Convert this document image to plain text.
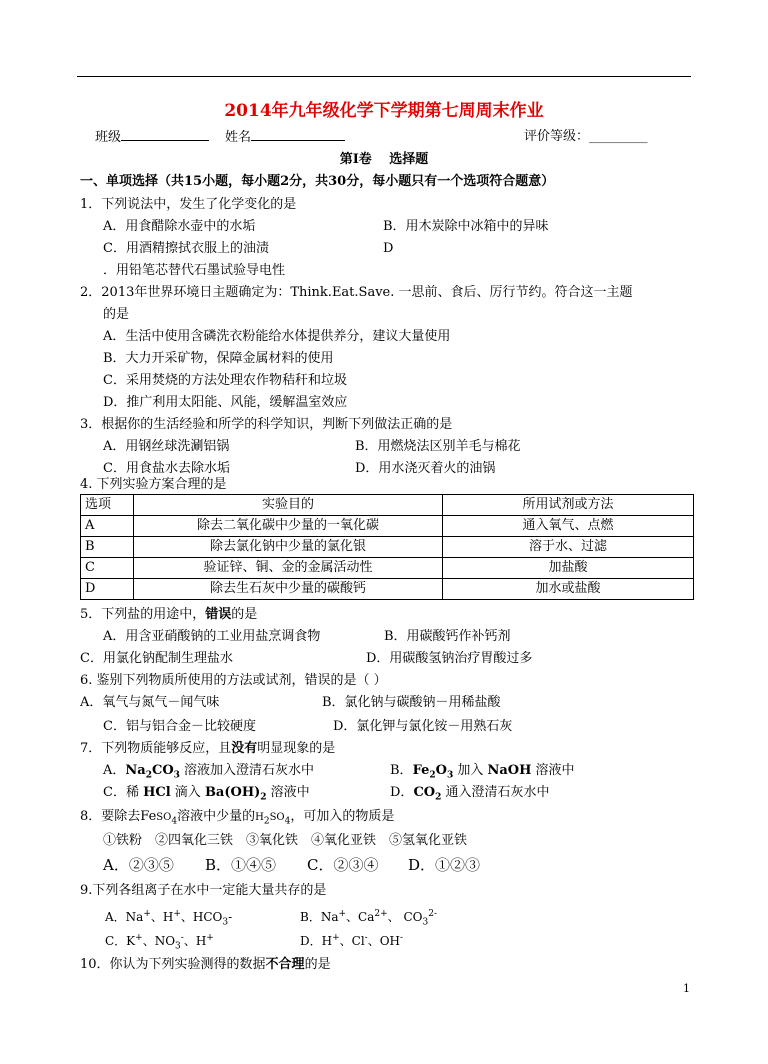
2014年九年级化学下学期第七周周末作业
班级	姓名	评价等级：_________
第Ⅰ卷　 选择题
一、单项选择（共15小题，每小题2分，共30分，每小题只有一个选项符合题意）
1．下列说法中，发生了化学变化的是
A．用食醋除水壶中的水垢	B．用木炭除中冰箱中的异味
C．用酒精擦拭衣服上的油渍	D
．用铅笔芯替代石墨试验导电性
2．2013年世界环境日主题确定为：Think.Eat.Save. 一思前、食后、厉行节约。符合这一主题
的是
A．生活中使用含磷洗衣粉能给水体提供养分，建议大量使用
B．大力开采矿物，保障金属材料的使用
C．采用焚烧的方法处理农作物秸秆和垃圾
D．推广利用太阳能、风能，缓解温室效应
3．根据你的生活经验和所学的科学知识，判断下列做法正确的是
A．用钢丝球洗涮铝锅	B．用燃烧法区别羊毛与棉花
C．用食盐水去除水垢	D．用水浇灭着火的油锅
4. 下列实验方案合理的是
选项	实验目的	所用试剂或方法
A	除去二氧化碳中少量的一氧化碳	通入氧气、点燃
B	除去氯化钠中少量的氯化银	溶于水、过滤
C	验证锌、铜、金的金属活动性	加盐酸
D	除去生石灰中少量的碳酸钙	加水或盐酸
5．下列盐的用途中，错误的是
A．用含亚硝酸钠的工业用盐烹调食物	B．用碳酸钙作补钙剂
C．用氯化钠配制生理盐水	D．用碳酸氢钠治疗胃酸过多
6. 鉴别下列物质所使用的方法或试剂，错误的是（ ）
A．氧气与氮气－闻气味	B．氯化钠与碳酸钠－用稀盐酸
C．铝与铝合金－比较硬度	D．氯化钾与氯化铵－用熟石灰
7．下列物质能够反应，且没有明显现象的是
A．$Na_2CO_3$ 溶液加入澄清石灰水中	B．$Fe_2O_3$ 加入 NaOH 溶液中
C．稀 HCl 滴入 $Ba(OH)_2$ 溶液中	D．$CO_2$ 通入澄清石灰水中
8．要除去FeSO$_4$溶液中少量的$H_2SO_4$，可加入的物质是
①铁粉　②四氧化三铁　③氧化铁　④氧化亚铁　⑤氢氧化亚铁
A．②③⑤ B．①④⑤ C．②③④ D．①②③
9.下列各组离子在水中一定能大量共存的是
A．Na+、H+、$HCO_3-$	B．Na+、$Ca^{2+}$、 $CO_3^{2-}$
C．K+、$NO_3^-$、H+	D．H+、Cl-、OH-
10．你认为下列实验测得的数据不合理的是
1
